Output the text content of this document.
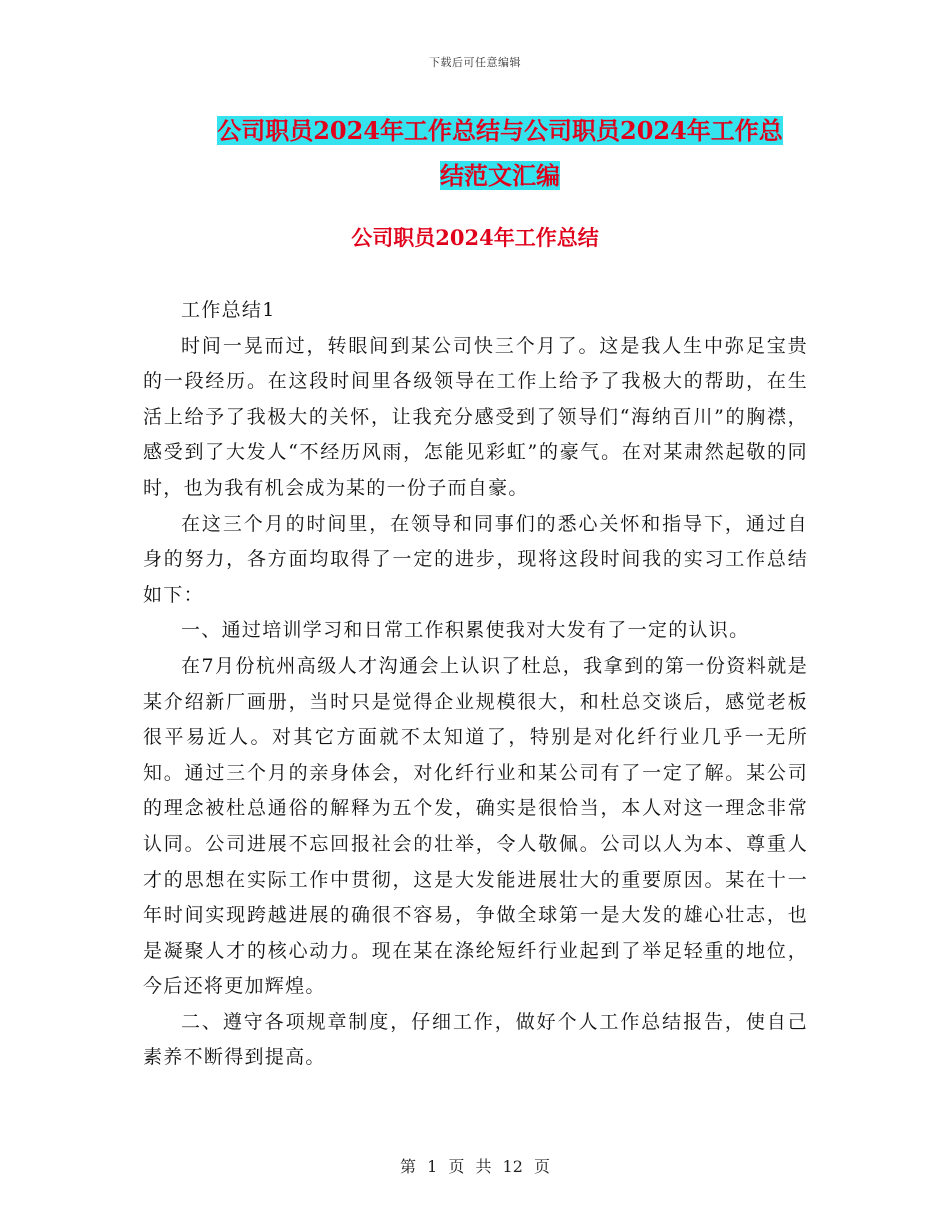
下载后可任意编辑
公司职员2024年工作总结与公司职员2024年工作总
结范文汇编
公司职员2024年工作总结

工作总结1

时间一晃而过，转眼间到某公司快三个月了。这是我人生中弥足宝贵的一段经历。在这段时间里各级领导在工作上给予了我极大的帮助，在生活上给予了我极大的关怀，让我充分感受到了领导们“海纳百川”的胸襟，感受到了大发人“不经历风雨，怎能见彩虹”的豪气。在对某肃然起敬的同时，也为我有机会成为某的一份子而自豪。

在这三个月的时间里，在领导和同事们的悉心关怀和指导下，通过自身的努力，各方面均取得了一定的进步，现将这段时间我的实习工作总结如下：

一、通过培训学习和日常工作积累使我对大发有了一定的认识。

在7月份杭州高级人才沟通会上认识了杜总，我拿到的第一份资料就是某介绍新厂画册，当时只是觉得企业规模很大，和杜总交谈后，感觉老板很平易近人。对其它方面就不太知道了，特别是对化纤行业几乎一无所知。通过三个月的亲身体会，对化纤行业和某公司有了一定了解。某公司的理念被杜总通俗的解释为五个发，确实是很恰当，本人对这一理念非常认同。公司进展不忘回报社会的壮举，令人敬佩。公司以人为本、尊重人才的思想在实际工作中贯彻，这是大发能进展壮大的重要原因。某在十一年时间实现跨越进展的确很不容易，争做全球第一是大发的雄心壮志，也是凝聚人才的核心动力。现在某在涤纶短纤行业起到了举足轻重的地位，今后还将更加辉煌。

二、遵守各项规章制度，仔细工作，做好个人工作总结报告，使自己素养不断得到提高。

第 1 页 共 12 页
